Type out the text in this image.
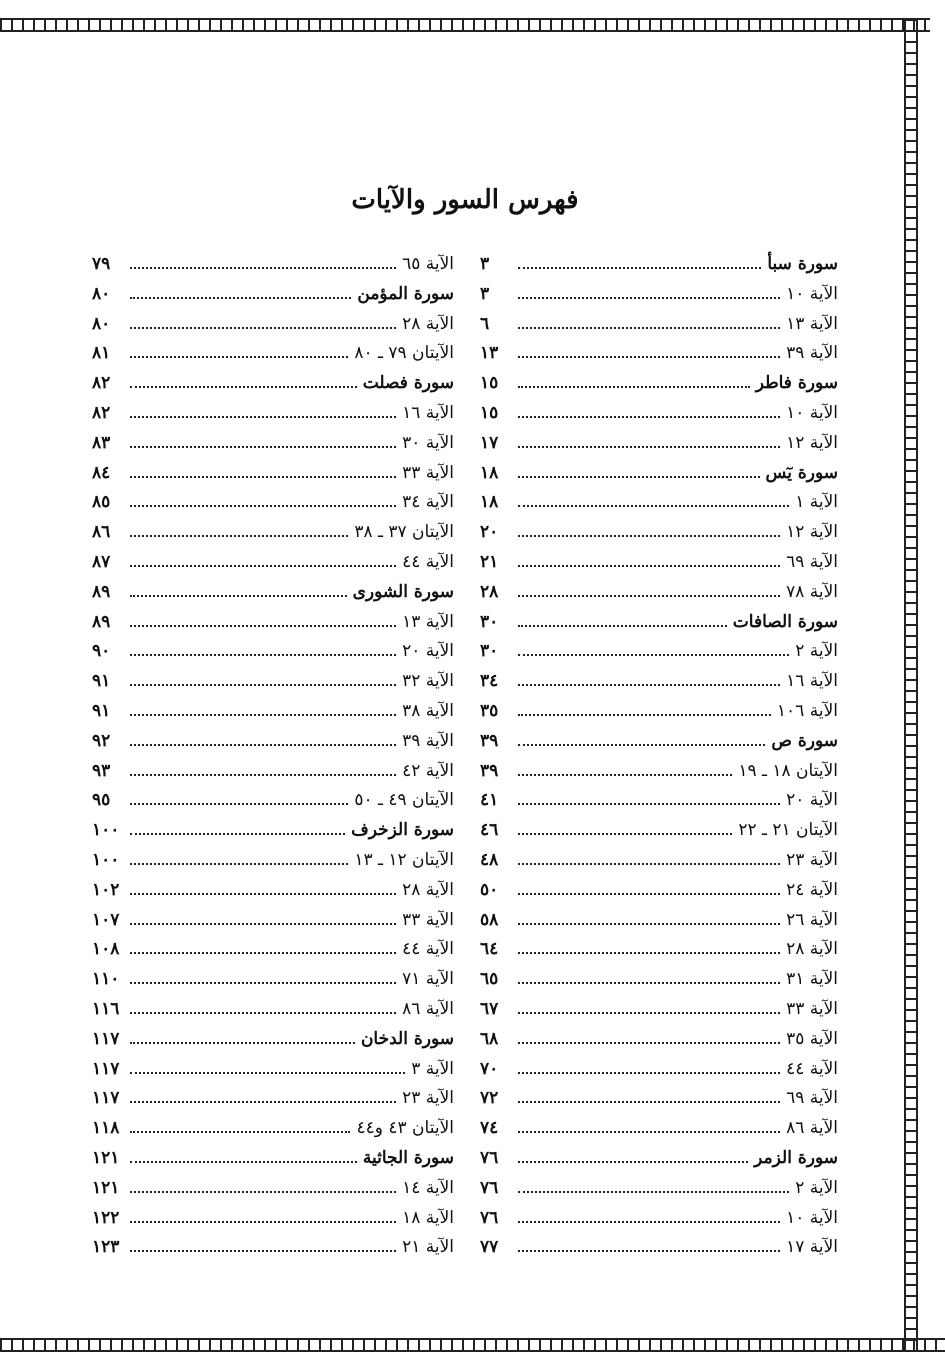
فهرس السور والآيات
سورة سبأ
٣
الآية ١٠
٣
الآية ١٣
٦
الآية ٣٩
١٣
سورة فاطر
١٥
الآية ١٠
١٥
الآية ١٢
١٧
سورة يٓس
١٨
الآية ١
١٨
الآية ١٢
٢٠
الآية ٦٩
٢١
الآية ٧٨
٢٨
سورة الصافات
٣٠
الآية ٢
٣٠
الآية ١٦
٣٤
الآية ١٠٦
٣٥
سورة ص
٣٩
الآيتان ١٨ ـ ١٩
٣٩
الآية ٢٠
٤١
الآيتان ٢١ ـ ٢٢
٤٦
الآية ٢٣
٤٨
الآية ٢٤
٥٠
الآية ٢٦
٥٨
الآية ٢٨
٦٤
الآية ٣١
٦٥
الآية ٣٣
٦٧
الآية ٣٥
٦٨
الآية ٤٤
٧٠
الآية ٦٩
٧٢
الآية ٨٦
٧٤
سورة الزمر
٧٦
الآية ٢
٧٦
الآية ١٠
٧٦
الآية ١٧
٧٧
الآية ٦٥
٧٩
سورة المؤمن
٨٠
الآية ٢٨
٨٠
الآيتان ٧٩ ـ ٨٠
٨١
سورة فصلت
٨٢
الآية ١٦
٨٢
الآية ٣٠
٨٣
الآية ٣٣
٨٤
الآية ٣٤
٨٥
الآيتان ٣٧ ـ ٣٨
٨٦
الآية ٤٤
٨٧
سورة الشورى
٨٩
الآية ١٣
٨٩
الآية ٢٠
٩٠
الآية ٣٢
٩١
الآية ٣٨
٩١
الآية ٣٩
٩٢
الآية ٤٢
٩٣
الآيتان ٤٩ ـ ٥٠
٩٥
سورة الزخرف
١٠٠
الآيتان ١٢ ـ ١٣
١٠٠
الآية ٢٨
١٠٢
الآية ٣٣
١٠٧
الآية ٤٤
١٠٨
الآية ٧١
١١٠
الآية ٨٦
١١٦
سورة الدخان
١١٧
الآية ٣
١١٧
الآية ٢٣
١١٧
الآيتان ٤٣ و٤٤
١١٨
سورة الجاثية
١٢١
الآية ١٤
١٢١
الآية ١٨
١٢٢
الآية ٢١
١٢٣
